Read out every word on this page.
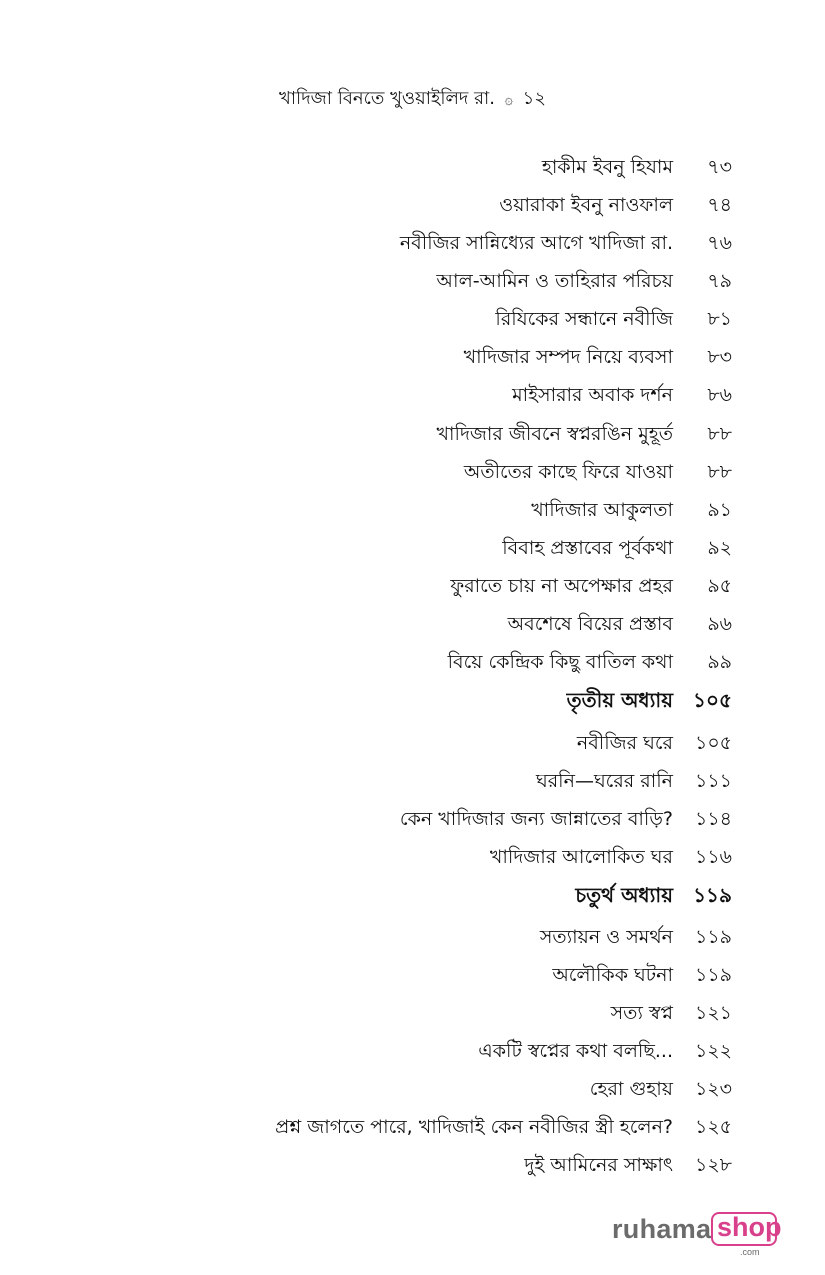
খাদিজা বিনতে খুওয়াইলিদ রা. ۞ ১২
হাকীম ইবনু হিযাম	৭৩
ওয়ারাকা ইবনু নাওফাল	৭৪
নবীজির সান্নিধ্যের আগে খাদিজা রা.	৭৬
আল-আমিন ও তাহিরার পরিচয়	৭৯
রিযিকের সন্ধানে নবীজি	৮১
খাদিজার সম্পদ নিয়ে ব্যবসা	৮৩
মাইসারার অবাক দর্শন	৮৬
খাদিজার জীবনে স্বপ্নরঙিন মুহূর্ত	৮৮
অতীতের কাছে ফিরে যাওয়া	৮৮
খাদিজার আকুলতা	৯১
বিবাহ প্রস্তাবের পূর্বকথা	৯২
ফুরাতে চায় না অপেক্ষার প্রহর	৯৫
অবশেষে বিয়ের প্রস্তাব	৯৬
বিয়ে কেন্দ্রিক কিছু বাতিল কথা	৯৯
তৃতীয় অধ্যায় ১০৫
নবীজির ঘরে ১০৫
ঘরনি—ঘরের রানি ১১১
কেন খাদিজার জন্য জান্নাতের বাড়ি? ১১৪
খাদিজার আলোকিত ঘর ১১৬
চতুর্থ অধ্যায় ১১৯
সত্যায়ন ও সমর্থন ১১৯
অলৌকিক ঘটনা ১১৯
সত্য স্বপ্ন ১২১
একটি স্বপ্নের কথা বলছি... ১২২
হেরা গুহায় ১২৩
প্রশ্ন জাগতে পারে, খাদিজাই কেন নবীজির স্ত্রী হলেন? ১২৫
দুই আমিনের সাক্ষাৎ ১২৮
ruhama shop
.com
